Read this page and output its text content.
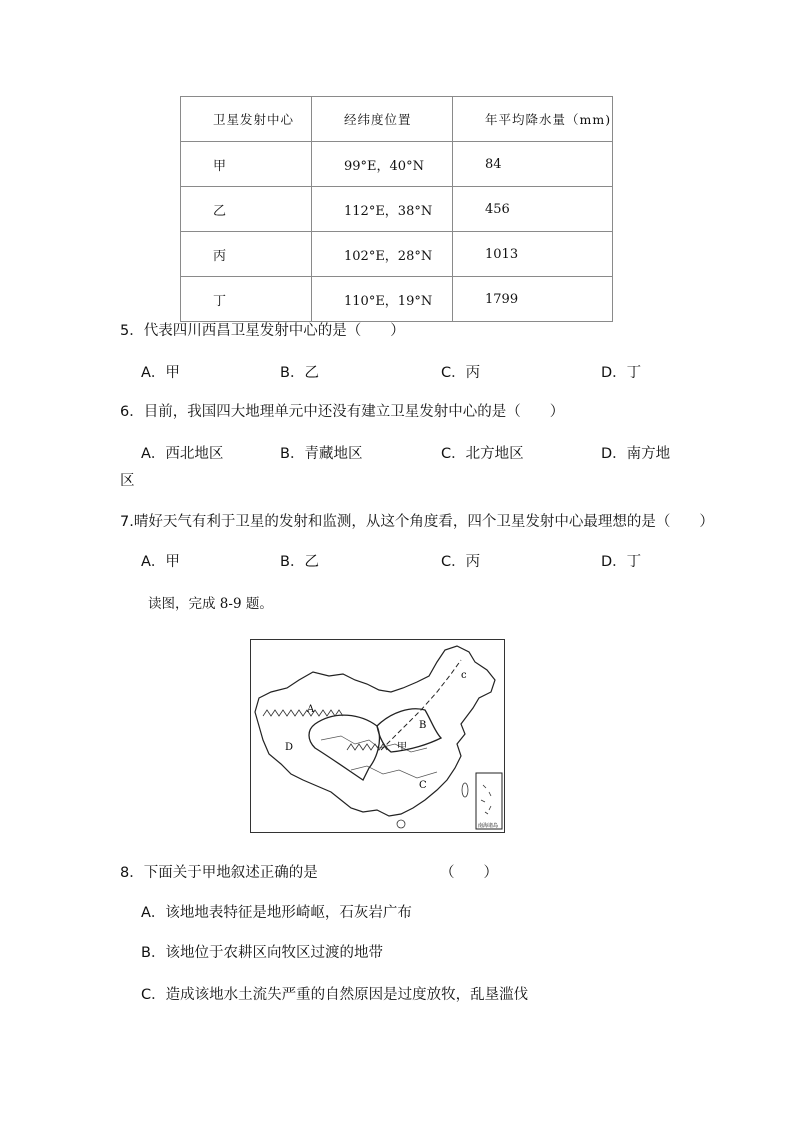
卫星发射中心	经纬度位置	年平均降水量（mm)
甲	99°E，40°N	84
乙	112°E，38°N	456
丙	102°E，28°N	1013
丁	110°E，19°N	1799
5．代表四川西昌卫星发射中心的是（　　）
A．甲	B．乙	C．丙	D．丁
6．目前，我国四大地理单元中还没有建立卫星发射中心的是（　　）
A．西北地区	B．青藏地区	C．北方地区	D．南方地
区
7.晴好天气有利于卫星的发射和监测，从这个角度看，四个卫星发射中心最理想的是（　　）
A．甲	B．乙	C．丙	D．丁
读图，完成 8-9 题。
A
B
C
D
c
甲
南海诸岛
8．下面关于甲地叙述正确的是	（　　）
A．该地地表特征是地形崎岖，石灰岩广布
B．该地位于农耕区向牧区过渡的地带
C．造成该地水土流失严重的自然原因是过度放牧，乱垦滥伐
